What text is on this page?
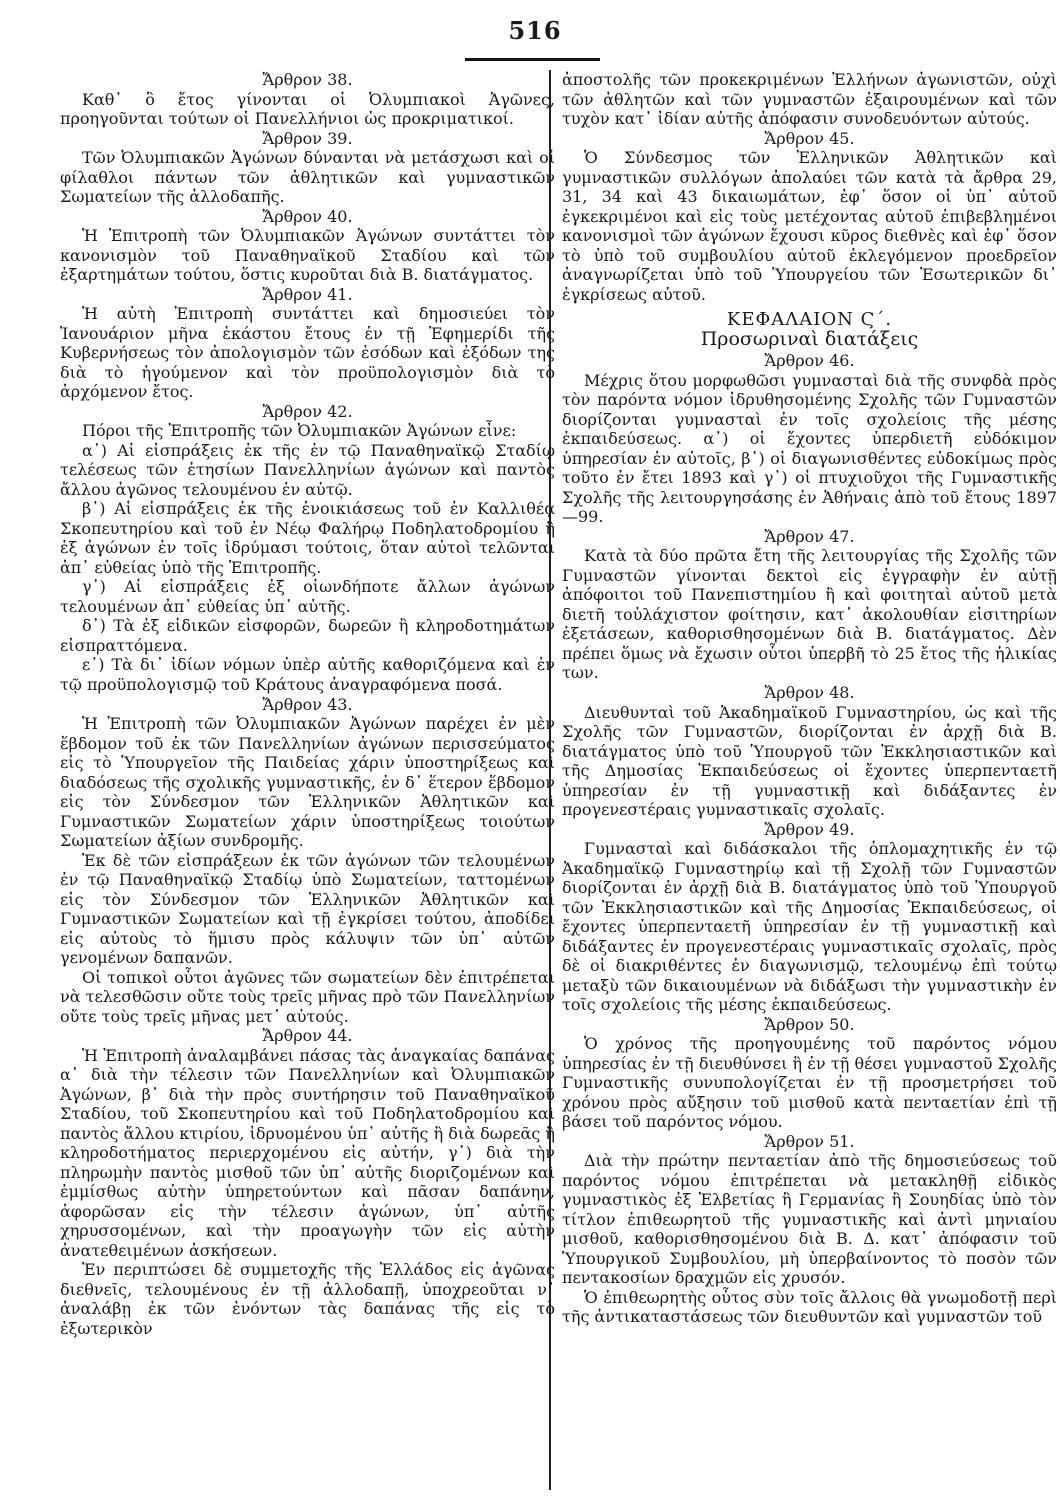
516
Ἄρθρον 38.

Καθ᾿ ὃ ἔτος γίνονται οἱ Ὀλυμπιακοὶ Ἀγῶνες, προηγοῦνται τούτων οἱ Πανελλήνιοι ὡς προκριματικοί.

Ἄρθρον 39.

Τῶν Ὀλυμπιακῶν Ἀγώνων δύνανται νὰ μετάσχωσι καὶ οἱ φίλαθλοι πάντων τῶν ἀθλητικῶν καὶ γυμναστικῶν Σωματείων τῆς ἀλλοδαπῆς.

Ἄρθρον 40.

Ἡ Ἐπιτροπὴ τῶν Ὀλυμπιακῶν Ἀγώνων συντάττει τὸν κανονισμὸν τοῦ Παναθηναϊκοῦ Σταδίου καὶ τῶν ἐξαρτημάτων τούτου, ὅστις κυροῦται διὰ Β. διατάγματος.

Ἄρθρον 41.

Ἡ αὐτὴ Ἐπιτροπὴ συντάττει καὶ δημοσιεύει τὸν Ἰανουάριον μῆνα ἑκάστου ἔτους ἐν τῇ Ἐφημερίδι τῆς Κυβερνήσεως τὸν ἀπολογισμὸν τῶν ἐσόδων καὶ ἐξόδων της διὰ τὸ ἡγούμενον καὶ τὸν προϋπολογισμὸν διὰ τὸ ἀρχόμενον ἔτος.

Ἄρθρον 42.

Πόροι τῆς Ἐπιτροπῆς τῶν Ὀλυμπιακῶν Ἀγώνων εἶνε:

α᾿) Αἱ εἰσπράξεις ἐκ τῆς ἐν τῷ Παναθηναϊκῷ Σταδίῳ τελέσεως τῶν ἐτησίων Πανελληνίων ἀγώνων καὶ παντὸς ἄλλου ἀγῶνος τελουμένου ἐν αὐτῷ.

β᾿) Αἱ εἰσπράξεις ἐκ τῆς ἐνοικιάσεως τοῦ ἐν Καλλιθέᾳ Σκοπευτηρίου καὶ τοῦ ἐν Νέῳ Φαλήρῳ Ποδηλατοδρομίου ἢ ἐξ ἀγώνων ἐν τοῖς ἱδρύμασι τούτοις, ὅταν αὐτοὶ τελῶνται ἀπ᾿ εὐθείας ὑπὸ τῆς Ἐπιτροπῆς.

γ᾿) Αἱ εἰσπράξεις ἐξ οἱωνδήποτε ἄλλων ἀγώνων τελουμένων ἀπ᾿ εὐθείας ὑπ᾿ αὐτῆς.

δ᾿) Τὰ ἐξ εἰδικῶν εἰσφορῶν, δωρεῶν ἢ κληροδοτημάτων εἰσπραττόμενα.

ε᾿) Τὰ δι᾿ ἰδίων νόμων ὑπὲρ αὐτῆς καθοριζόμενα καὶ ἐν τῷ προϋπολογισμῷ τοῦ Κράτους ἀναγραφόμενα ποσά.

Ἄρθρον 43.

Ἡ Ἐπιτροπὴ τῶν Ὀλυμπιακῶν Ἀγώνων παρέχει ἐν μὲν ἕβδομον τοῦ ἐκ τῶν Πανελληνίων ἀγώνων περισσεύματος εἰς τὸ Ὑπουργεῖον τῆς Παιδείας χάριν ὑποστηρίξεως καὶ διαδόσεως τῆς σχολικῆς γυμναστικῆς, ἐν δ᾿ ἕτερον ἕβδομον εἰς τὸν Σύνδεσμον τῶν Ἑλληνικῶν Ἀθλητικῶν καὶ Γυμναστικῶν Σωματείων χάριν ὑποστηρίξεως τοιούτων Σωματείων ἀξίων συνδρομῆς.

Ἐκ δὲ τῶν εἰσπράξεων ἐκ τῶν ἀγώνων τῶν τελουμένων ἐν τῷ Παναθηναϊκῷ Σταδίῳ ὑπὸ Σωματείων, ταττομένων εἰς τὸν Σύνδεσμον τῶν Ἑλληνικῶν Ἀθλητικῶν καὶ Γυμναστικῶν Σωματείων καὶ τῇ ἐγκρίσει τούτου, ἀποδίδει εἰς αὐτοὺς τὸ ἥμισυ πρὸς κάλυψιν τῶν ὑπ᾿ αὐτῶν γενομένων δαπανῶν.

Οἱ τοπικοὶ οὗτοι ἀγῶνες τῶν σωματείων δὲν ἐπιτρέπεται νὰ τελεσθῶσιν οὔτε τοὺς τρεῖς μῆνας πρὸ τῶν Πανελληνίων οὔτε τοὺς τρεῖς μῆνας μετ᾿ αὐτούς.

Ἄρθρον 44.

Ἡ Ἐπιτροπὴ ἀναλαμβάνει πάσας τὰς ἀναγκαίας δαπάνας α᾿ διὰ τὴν τέλεσιν τῶν Πανελληνίων καὶ Ὀλυμπιακῶν Ἀγώνων, β᾿ διὰ τὴν πρὸς συντήρησιν τοῦ Παναθηναϊκοῦ Σταδίου, τοῦ Σκοπευτηρίου καὶ τοῦ Ποδηλατοδρομίου καὶ παντὸς ἄλλου κτιρίου, ἱδρυομένου ὑπ᾿ αὐτῆς ἢ διὰ δωρεᾶς ἢ κληροδοτήματος περιερχομένου εἰς αὐτήν, γ᾿) διὰ τὴν πληρωμὴν παντὸς μισθοῦ τῶν ὑπ᾿ αὐτῆς διοριζομένων καὶ ἐμμίσθως αὐτὴν ὑπηρετούντων καὶ πᾶσαν δαπάνην, ἀφορῶσαν εἰς τὴν τέλεσιν ἀγώνων, ὑπ᾿ αὐτῆς χηρυσσομένων, καὶ τὴν προαγωγὴν τῶν εἰς αὐτὴν ἀνατεθειμένων ἀσκήσεων.

Ἐν περιπτώσει δὲ συμμετοχῆς τῆς Ἑλλάδος εἰς ἀγῶνας διεθνεῖς, τελουμένους ἐν τῇ ἀλλοδαπῇ, ὑποχρεοῦται ν᾿ ἀναλάβῃ ἐκ τῶν ἐνόντων τὰς δαπάνας τῆς εἰς τὸ ἐξωτερικὸν

ἀποστολῆς τῶν προκεκριμένων Ἑλλήνων ἀγωνιστῶν, οὐχὶ τῶν ἀθλητῶν καὶ τῶν γυμναστῶν ἐξαιρουμένων καὶ τῶν τυχὸν κατ᾿ ἰδίαν αὐτῆς ἀπόφασιν συνοδευόντων αὐτούς.

Ἄρθρον 45.

Ὁ Σύνδεσμος τῶν Ἑλληνικῶν Ἀθλητικῶν καὶ γυμναστικῶν συλλόγων ἀπολαύει τῶν κατὰ τὰ ἄρθρα 29, 31, 34 καὶ 43 δικαιωμάτων, ἐφ᾿ ὅσον οἱ ὑπ᾿ αὐτοῦ ἐγκεκριμένοι καὶ εἰς τοὺς μετέχοντας αὐτοῦ ἐπιβεβλημένοι κανονισμοὶ τῶν ἀγώνων ἔχουσι κῦρος διεθνὲς καὶ ἐφ᾿ ὅσον τὸ ὑπὸ τοῦ συμβουλίου αὐτοῦ ἐκλεγόμενον προεδρεῖον ἀναγνωρίζεται ὑπὸ τοῦ Ὑπουργείου τῶν Ἐσωτερικῶν δι᾿ ἐγκρίσεως αὐτοῦ.

ΚΕΦΑΛΑΙΟΝ Ϛ΄.
Προσωριναὶ διατάξεις
Ἄρθρον 46.

Μέχρις ὅτου μορφωθῶσι γυμνασταὶ διὰ τῆς συνφδὰ πρὸς τὸν παρόντα νόμον ἱδρυθησομένης Σχολῆς τῶν Γυμναστῶν διορίζονται γυμνασταὶ ἐν τοῖς σχολείοις τῆς μέσης ἐκπαιδεύσεως. α᾿) οἱ ἔχοντες ὑπερδιετῆ εὐδόκιμον ὑπηρεσίαν ἐν αὐτοῖς, β᾿) οἱ διαγωνισθέντες εὐδοκίμως πρὸς τοῦτο ἐν ἔτει 1893 καὶ γ᾿) οἱ πτυχιοῦχοι τῆς Γυμναστικῆς Σχολῆς τῆς λειτουργησάσης ἐν Ἀθήναις ἀπὸ τοῦ ἔτους 1897—99.

Ἄρθρον 47.

Κατὰ τὰ δύο πρῶτα ἔτη τῆς λειτουργίας τῆς Σχολῆς τῶν Γυμναστῶν γίνονται δεκτοὶ εἰς ἐγγραφὴν ἐν αὐτῇ ἀπόφοιτοι τοῦ Πανεπιστημίου ἢ καὶ φοιτηταὶ αὐτοῦ μετὰ διετῆ τοὐλάχιστον φοίτησιν, κατ᾿ ἀκολουθίαν εἰσιτηρίων ἐξετάσεων, καθορισθησομένων διὰ Β. διατάγματος. Δὲν πρέπει ὅμως νὰ ἔχωσιν οὗτοι ὑπερβῆ τὸ 25 ἔτος τῆς ἡλικίας των.

Ἄρθρον 48.

Διευθυνταὶ τοῦ Ἀκαδημαϊκοῦ Γυμναστηρίου, ὡς καὶ τῆς Σχολῆς τῶν Γυμναστῶν, διορίζονται ἐν ἀρχῇ διὰ Β. διατάγματος ὑπὸ τοῦ Ὑπουργοῦ τῶν Ἐκκλησιαστικῶν καὶ τῆς Δημοσίας Ἐκπαιδεύσεως οἱ ἔχοντες ὑπερπενταετῆ ὑπηρεσίαν ἐν τῇ γυμναστικῇ καὶ διδάξαντες ἐν προγενεστέραις γυμναστικαῖς σχολαῖς.

Ἄρθρον 49.

Γυμνασταὶ καὶ διδάσκαλοι τῆς ὁπλομαχητικῆς ἐν τῷ Ἀκαδημαϊκῷ Γυμναστηρίῳ καὶ τῇ Σχολῇ τῶν Γυμναστῶν διορίζονται ἐν ἀρχῇ διὰ Β. διατάγματος ὑπὸ τοῦ Ὑπουργοῦ τῶν Ἐκκλησιαστικῶν καὶ τῆς Δημοσίας Ἐκπαιδεύσεως, οἱ ἔχοντες ὑπερπενταετῆ ὑπηρεσίαν ἐν τῇ γυμναστικῇ καὶ διδάξαντες ἐν προγενεστέραις γυμναστικαῖς σχολαῖς, πρὸς δὲ οἱ διακριθέντες ἐν διαγωνισμῷ, τελουμένῳ ἐπὶ τούτῳ μεταξὺ τῶν δικαιουμένων νὰ διδάξωσι τὴν γυμναστικὴν ἐν τοῖς σχολείοις τῆς μέσης ἐκπαιδεύσεως.

Ἄρθρον 50.

Ὁ χρόνος τῆς προηγουμένης τοῦ παρόντος νόμου ὑπηρεσίας ἐν τῇ διευθύνσει ἢ ἐν τῇ θέσει γυμναστοῦ Σχολῆς Γυμναστικῆς συνυπολογίζεται ἐν τῇ προσμετρήσει τοῦ χρόνου πρὸς αὔξησιν τοῦ μισθοῦ κατὰ πενταετίαν ἐπὶ τῇ βάσει τοῦ παρόντος νόμου.

Ἄρθρον 51.

Διὰ τὴν πρώτην πενταετίαν ἀπὸ τῆς δημοσιεύσεως τοῦ παρόντος νόμου ἐπιτρέπεται νὰ μετακληθῇ εἰδικὸς γυμναστικὸς ἐξ Ἑλβετίας ἢ Γερμανίας ἢ Σουηδίας ὑπὸ τὸν τίτλον ἐπιθεωρητοῦ τῆς γυμναστικῆς καὶ ἀντὶ μηνιαίου μισθοῦ, καθορισθησομένου διὰ Β. Δ. κατ᾿ ἀπόφασιν τοῦ Ὑπουργικοῦ Συμβουλίου, μὴ ὑπερβαίνοντος τὸ ποσὸν τῶν πεντακοσίων δραχμῶν εἰς χρυσόν.

Ὁ ἐπιθεωρητὴς οὗτος σὺν τοῖς ἄλλοις θὰ γνωμοδοτῇ περὶ τῆς ἀντικαταστάσεως τῶν διευθυντῶν καὶ γυμναστῶν τοῦ
